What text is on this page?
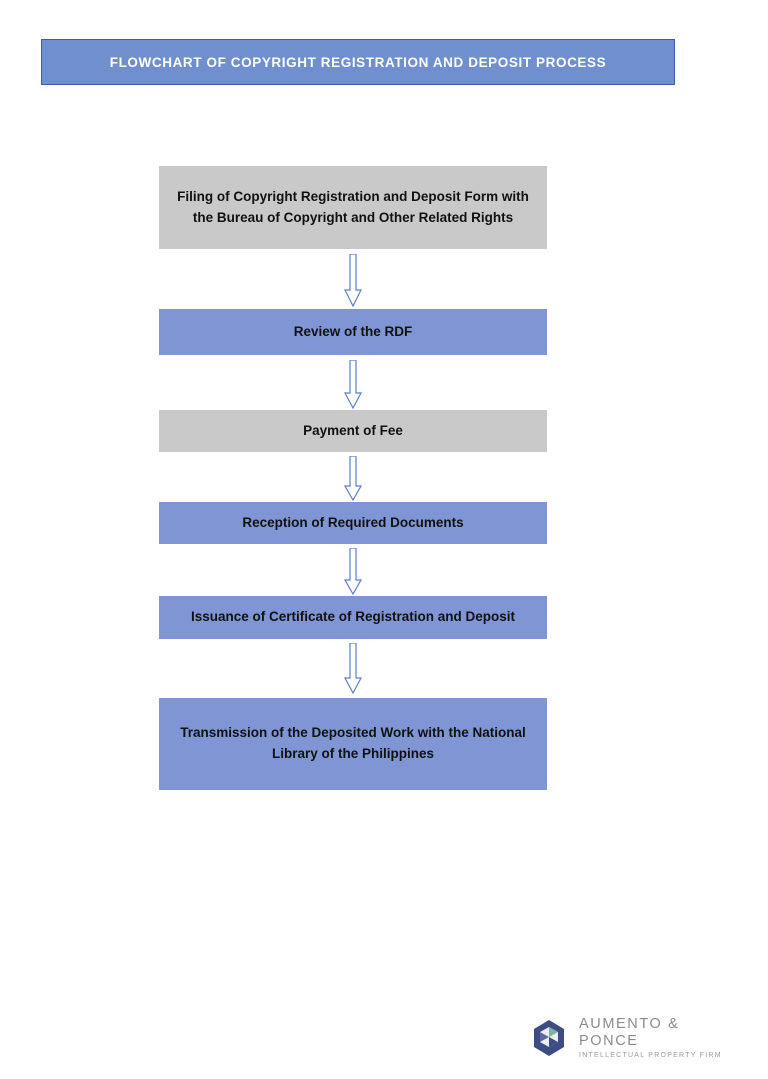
FLOWCHART OF COPYRIGHT REGISTRATION AND DEPOSIT PROCESS
Filing of Copyright Registration and Deposit Form with the Bureau of Copyright and Other Related Rights
Review of the RDF
Payment of Fee
Reception of Required Documents
Issuance of Certificate of Registration and Deposit
Transmission of the Deposited Work with the National Library of the Philippines
AUMENTO & PONCE
INTELLECTUAL PROPERTY FIRM
